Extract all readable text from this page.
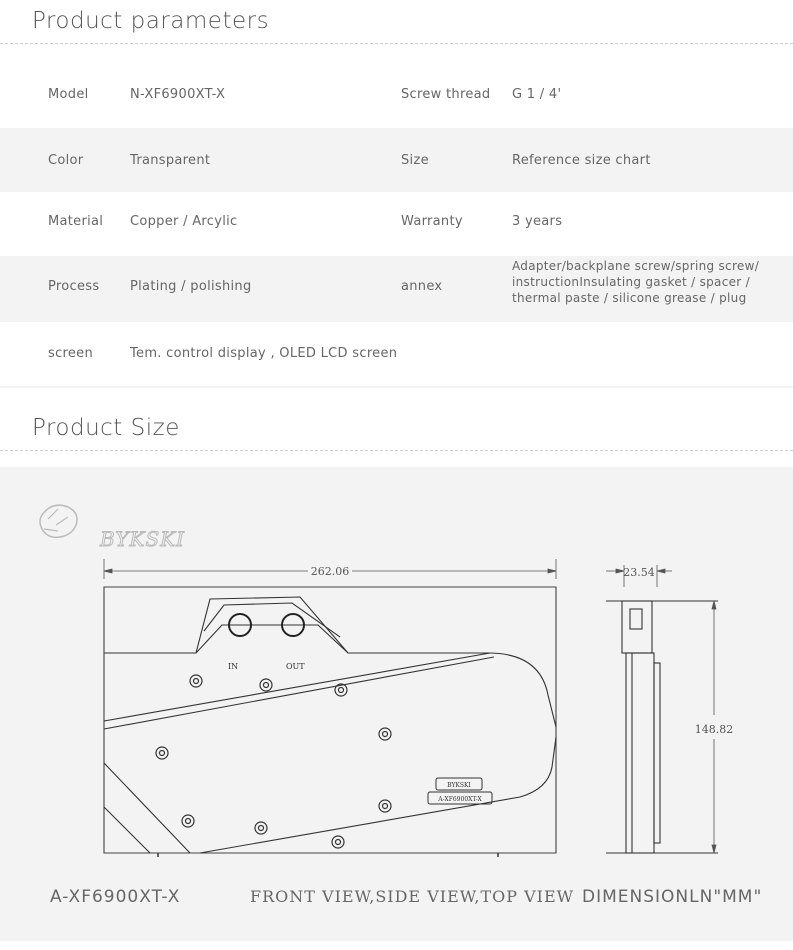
Product parameters
Model	N-XF6900XT-X	Screw thread G 1 / 4'
Color	Transparent	Size	Reference size chart
Material Copper / Arcylic	Warranty	3 years
Process Plating / polishing	annex
Adapter/backplane screw/spring screw/
instructionInsulating gasket / spacer /
thermal paste / silicone grease / plug
screen	Tem. control display , OLED LCD screen
Product Size
BYKSKI
262.06
IN	OUT
BYKSKI
A-XF6900XT-X
23.54
148.82
A-XF6900XT-X	FRONT VIEW,SIDE VIEW,TOP VIEW DIMENSIONLN"MM"
